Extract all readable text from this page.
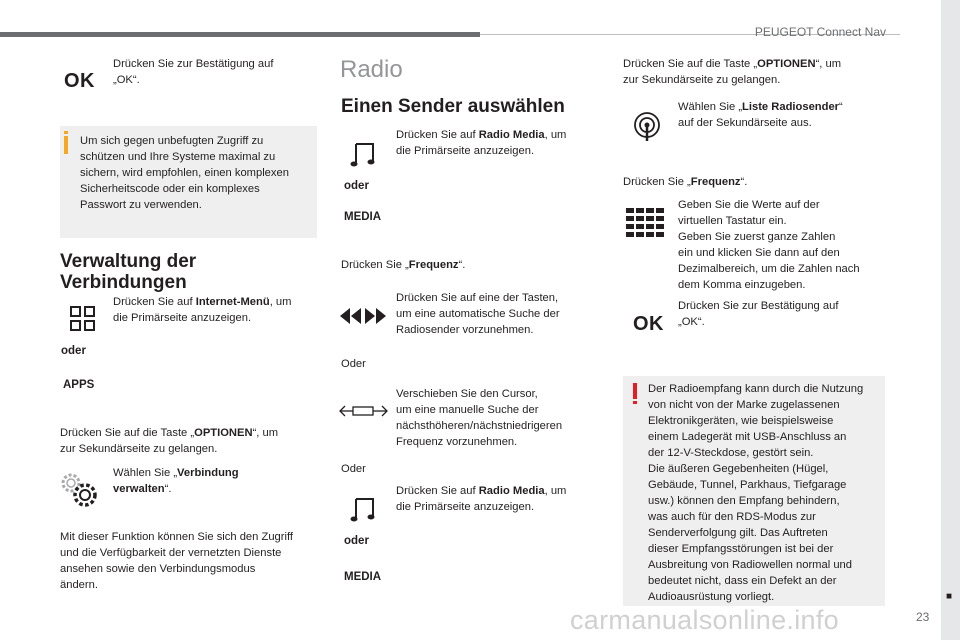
PEUGEOT Connect Nav
■
23
OK
Drücken Sie zur Bestätigung auf
„OK“.
Um sich gegen unbefugten Zugriff zu
schützen und Ihre Systeme maximal zu
sichern, wird empfohlen, einen komplexen
Sicherheitscode oder ein komplexes
Passwort zu verwenden.
Verwaltung der
Verbindungen
Drücken Sie auf Internet-Menü, um
die Primärseite anzuzeigen.
oder
APPS
Drücken Sie auf die Taste „OPTIONEN“, um
zur Sekundärseite zu gelangen.
Wählen Sie „Verbindung
verwalten“.
Mit dieser Funktion können Sie sich den Zugriff
und die Verfügbarkeit der vernetzten Dienste
ansehen sowie den Verbindungsmodus
ändern.
Radio
Einen Sender auswählen
Drücken Sie auf Radio Media, um
die Primärseite anzuzeigen.
oder
MEDIA
Drücken Sie „Frequenz“.
Drücken Sie auf eine der Tasten,
um eine automatische Suche der
Radiosender vorzunehmen.
Oder
Verschieben Sie den Cursor,
um eine manuelle Suche der
nächsthöheren/nächstniedrigeren
Frequenz vorzunehmen.
Oder
Drücken Sie auf Radio Media, um
die Primärseite anzuzeigen.
oder
MEDIA
Drücken Sie auf die Taste „OPTIONEN“, um
zur Sekundärseite zu gelangen.
Wählen Sie „Liste Radiosender“
auf der Sekundärseite aus.
Drücken Sie „Frequenz“.
Geben Sie die Werte auf der
virtuellen Tastatur ein.
Geben Sie zuerst ganze Zahlen
ein und klicken Sie dann auf den
Dezimalbereich, um die Zahlen nach
dem Komma einzugeben.
OK
Drücken Sie zur Bestätigung auf
„OK“.
Der Radioempfang kann durch die Nutzung
von nicht von der Marke zugelassenen
Elektronikgeräten, wie beispielsweise
einem Ladegerät mit USB-Anschluss an
der 12-V-Steckdose, gestört sein.
Die äußeren Gegebenheiten (Hügel,
Gebäude, Tunnel, Parkhaus, Tiefgarage
usw.) können den Empfang behindern,
was auch für den RDS-Modus zur
Senderverfolgung gilt. Das Auftreten
dieser Empfangsstörungen ist bei der
Ausbreitung von Radiowellen normal und
bedeutet nicht, dass ein Defekt an der
Audioausrüstung vorliegt.
carmanualsonline.info
